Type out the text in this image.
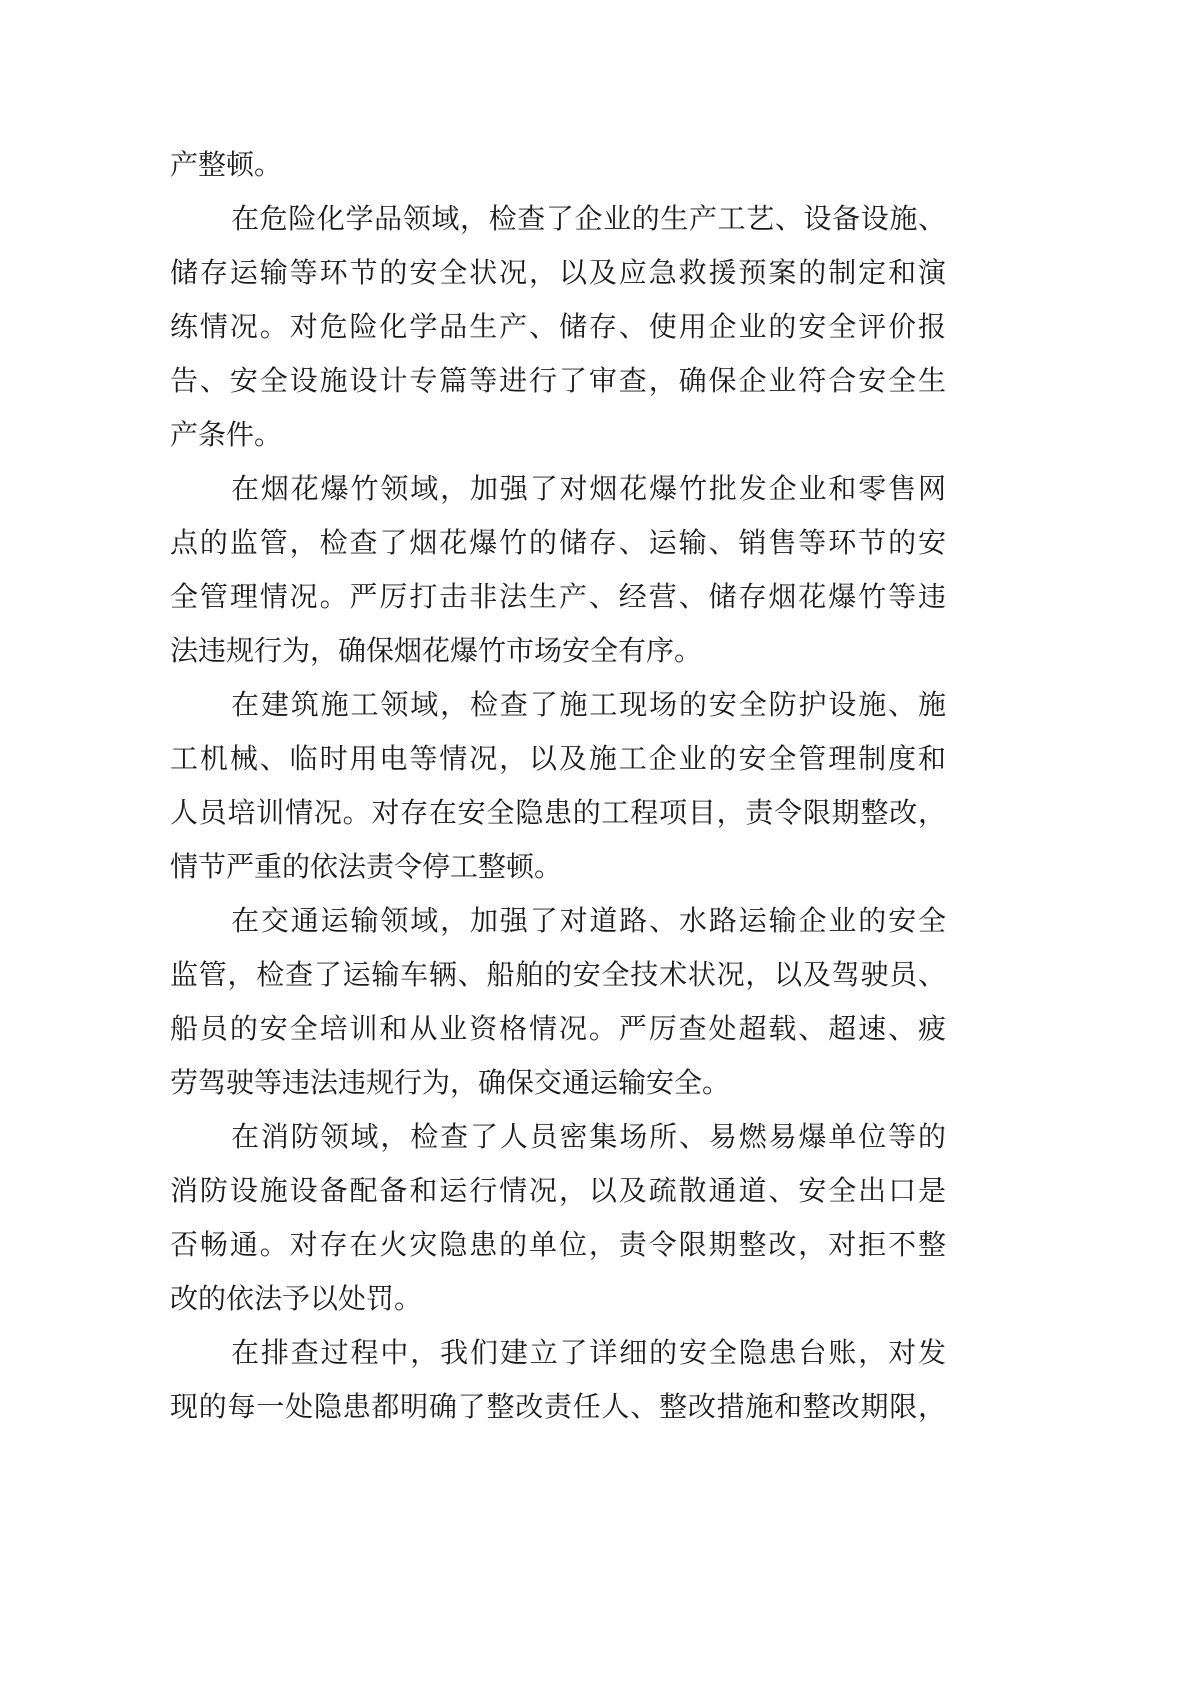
产整顿。
在危险化学品领域，检查了企业的生产工艺、设备设施、
储存运输等环节的安全状况，以及应急救援预案的制定和演
练情况。对危险化学品生产、储存、使用企业的安全评价报
告、安全设施设计专篇等进行了审查，确保企业符合安全生
产条件。
在烟花爆竹领域，加强了对烟花爆竹批发企业和零售网
点的监管，检查了烟花爆竹的储存、运输、销售等环节的安
全管理情况。严厉打击非法生产、经营、储存烟花爆竹等违
法违规行为，确保烟花爆竹市场安全有序。
在建筑施工领域，检查了施工现场的安全防护设施、施
工机械、临时用电等情况，以及施工企业的安全管理制度和
人员培训情况。对存在安全隐患的工程项目，责令限期整改，
情节严重的依法责令停工整顿。
在交通运输领域，加强了对道路、水路运输企业的安全
监管，检查了运输车辆、船舶的安全技术状况，以及驾驶员、
船员的安全培训和从业资格情况。严厉查处超载、超速、疲
劳驾驶等违法违规行为，确保交通运输安全。
在消防领域，检查了人员密集场所、易燃易爆单位等的
消防设施设备配备和运行情况，以及疏散通道、安全出口是
否畅通。对存在火灾隐患的单位，责令限期整改，对拒不整
改的依法予以处罚。
在排查过程中，我们建立了详细的安全隐患台账，对发
现的每一处隐患都明确了整改责任人、整改措施和整改期限，
